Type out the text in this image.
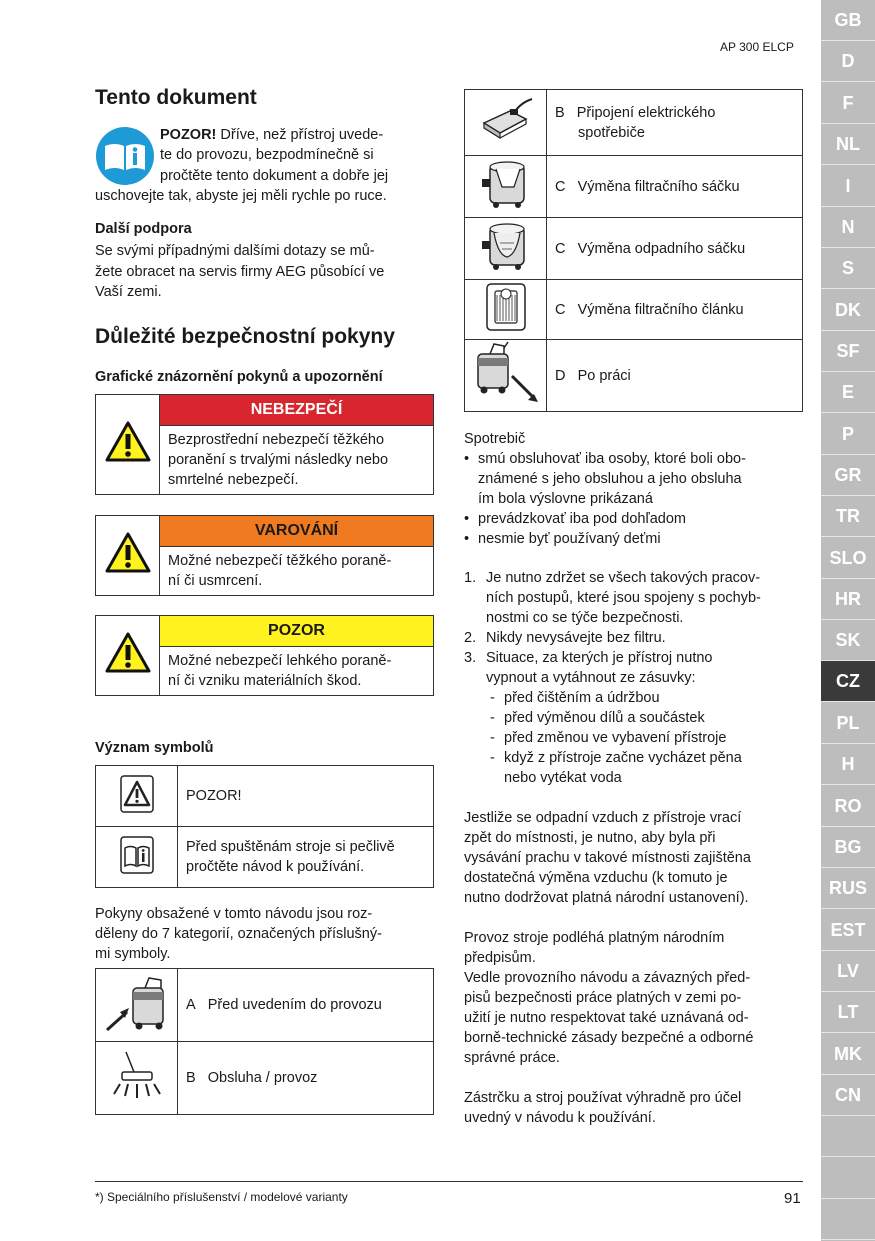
AP 300 ELCP
GB
D
F
NL
I
N
S
DK
SF
E
P
GR
TR
SLO
HR
SK
CZ
PL
H
RO
BG
RUS
EST
LV
LT
MK
CN
Tento dokument
POZOR! Dříve, než přístroj uvede-
te do provozu, bezpodmínečně si
pročtěte tento dokument a dobře jej
uschovejte tak, abyste jej měli rychle po ruce.
Další podpora
Se svými případnými dalšími dotazy se mů-
žete obracet na servis firmy AEG působící ve
Vaší zemi.
Důležité bezpečnostní pokyny
Grafické znázornění pokynů a upozornění
	NEBEZPEČÍ

Bezprostřední nebezpečí těžkého
poranění s trvalými následky nebo
smrtelné nebezpečí.
	VAROVÁNÍ

Možné nebezpečí těžkého poraně-
ní či usmrcení.
	POZOR

Možné nebezpečí lehkého poraně-
ní či vzniku materiálních škod.
Význam symbolů
	POZOR!

Před spuštěnám stroje si pečlivě
pročtěte návod k používání.
Pokyny obsažené v tomto návodu jsou roz-
děleny do 7 kategorií, označených příslušný-
mi symboly.
	A Před uvedením do provozu
	B Obsluha / provoz

B Připojení elektrického
spotřebiče

	C Výměna filtračního sáčku
	C Výměna odpadního sáčku
	C Výměna filtračního článku
	D Po práci
Spotrebič
• smú obsluhovať iba osoby, ktoré boli obo-
známené s jeho obsluhou a jeho obsluha
ím bola výslovne prikázaná
• prevádzkovať iba pod dohľadom
• nesmie byť používaný deťmi
1. Je nutno zdržet se všech takových pracov-
ních postupů, které jsou spojeny s pochyb-
nostmi co se týče bezpečnosti.
2. Nikdy nevysávejte bez filtru.
3. Situace, za kterých je přístroj nutno
vypnout a vytáhnout ze zásuvky:
- před čištěním a údržbou
- před výměnou dílů a součástek
- před změnou ve vybavení přístroje
- když z přístroje začne vycházet pěna
nebo vytékat voda
Jestliže se odpadní vzduch z přístroje vrací
zpět do místnosti, je nutno, aby byla při
vysávání prachu v takové místnosti zajištěna
dostatečná výměna vzduchu (k tomuto je
nutno dodržovat platná národní ustanovení).
Provoz stroje podléhá platným národním
předpisům.
Vedle provozního návodu a závazných před-
pisů bezpečnosti práce platných v zemi po-
užití je nutno respektovat také uznávaná od-
borně-technické zásady bezpečné a odborné
správné práce.
Zástrčku a stroj používat výhradně pro účel
uvedný v návodu k používání.
*) Speciálního příslušenství / modelové varianty	91
